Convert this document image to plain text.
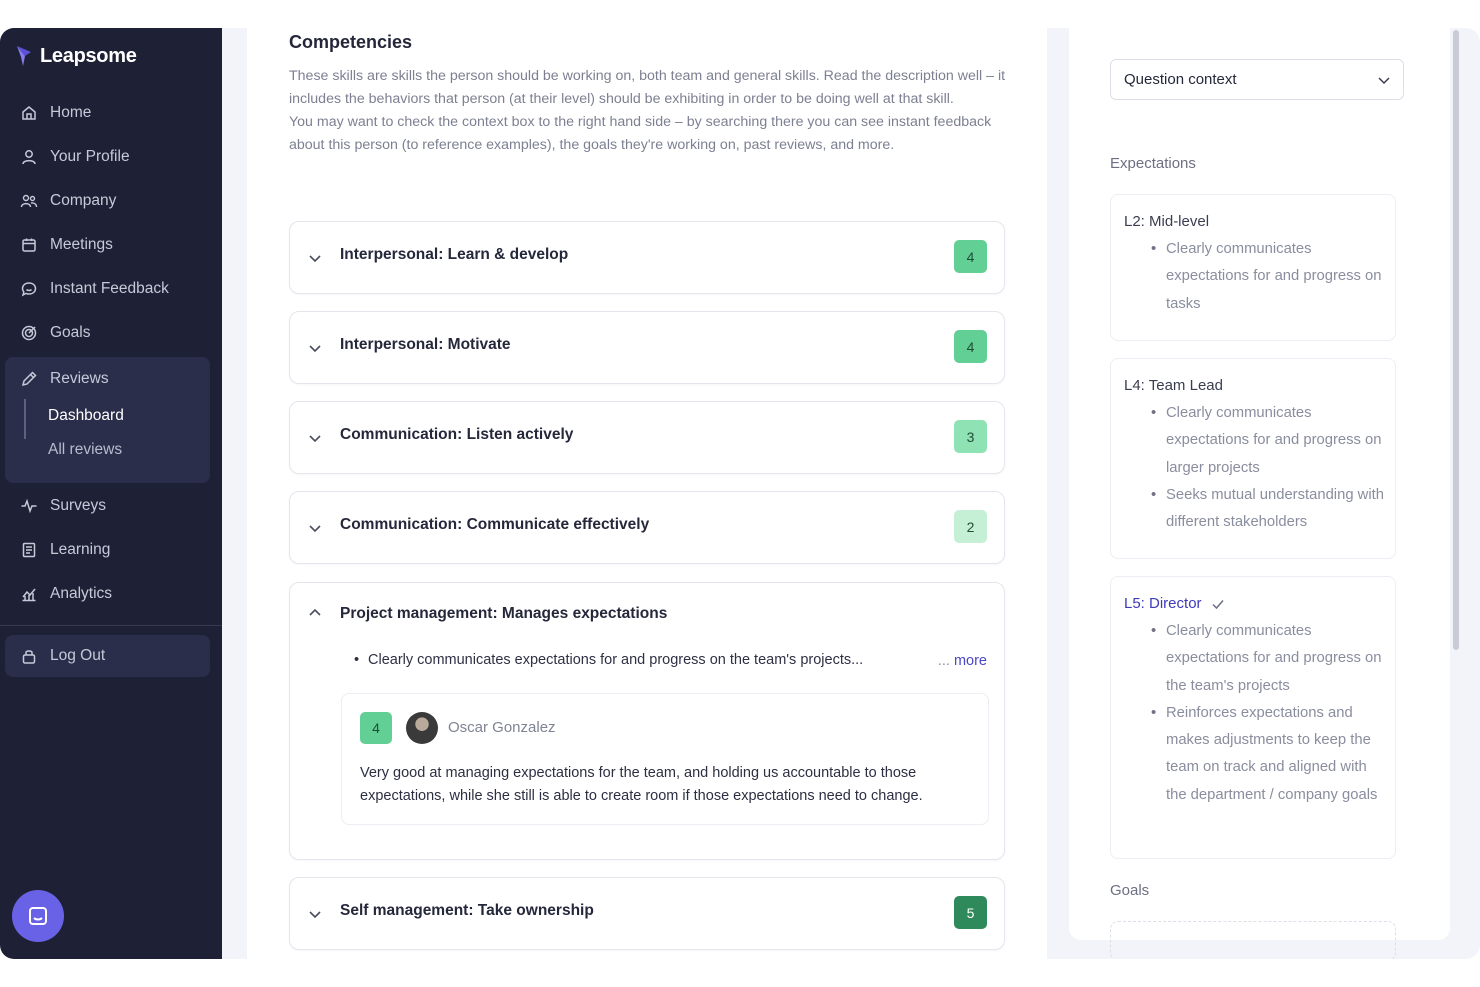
Leapsome
Home
Your Profile
Company
Meetings
Instant Feedback
Goals
Reviews
Dashboard
All reviews
Surveys
Learning
Analytics
Log Out
Competencies

These skills are skills the person should be working on, both team and general skills. Read the description well – it includes the behaviors that person (at their level) should be exhibiting in order to be doing well at that skill.

You may want to check the context box to the right hand side – by searching there you can see instant feedback about this person (to reference examples), the goals they're working on, past reviews, and more.

Interpersonal: Learn & develop	4
Interpersonal: Motivate	4
Communication: Listen actively	3
Communication: Communicate effectively	2
Project management: Manages expectations
• Clearly communicates expectations for and progress on the team's projects...	... more
4	Oscar Gonzalez
Very good at managing expectations for the team, and holding us accountable to those expectations, while she still is able to create room if those expectations need to change.
Self management: Take ownership	5
Question context
Expectations
L2: Mid-level
• Clearly communicates expectations for and progress on tasks
L4: Team Lead
• Clearly communicates expectations for and progress on larger projects
• Seeks mutual understanding with different stakeholders
L5: Director
• Clearly communicates expectations for and progress on the team's projects
• Reinforces expectations and makes adjustments to keep the team on track and aligned with the department / company goals
Goals
